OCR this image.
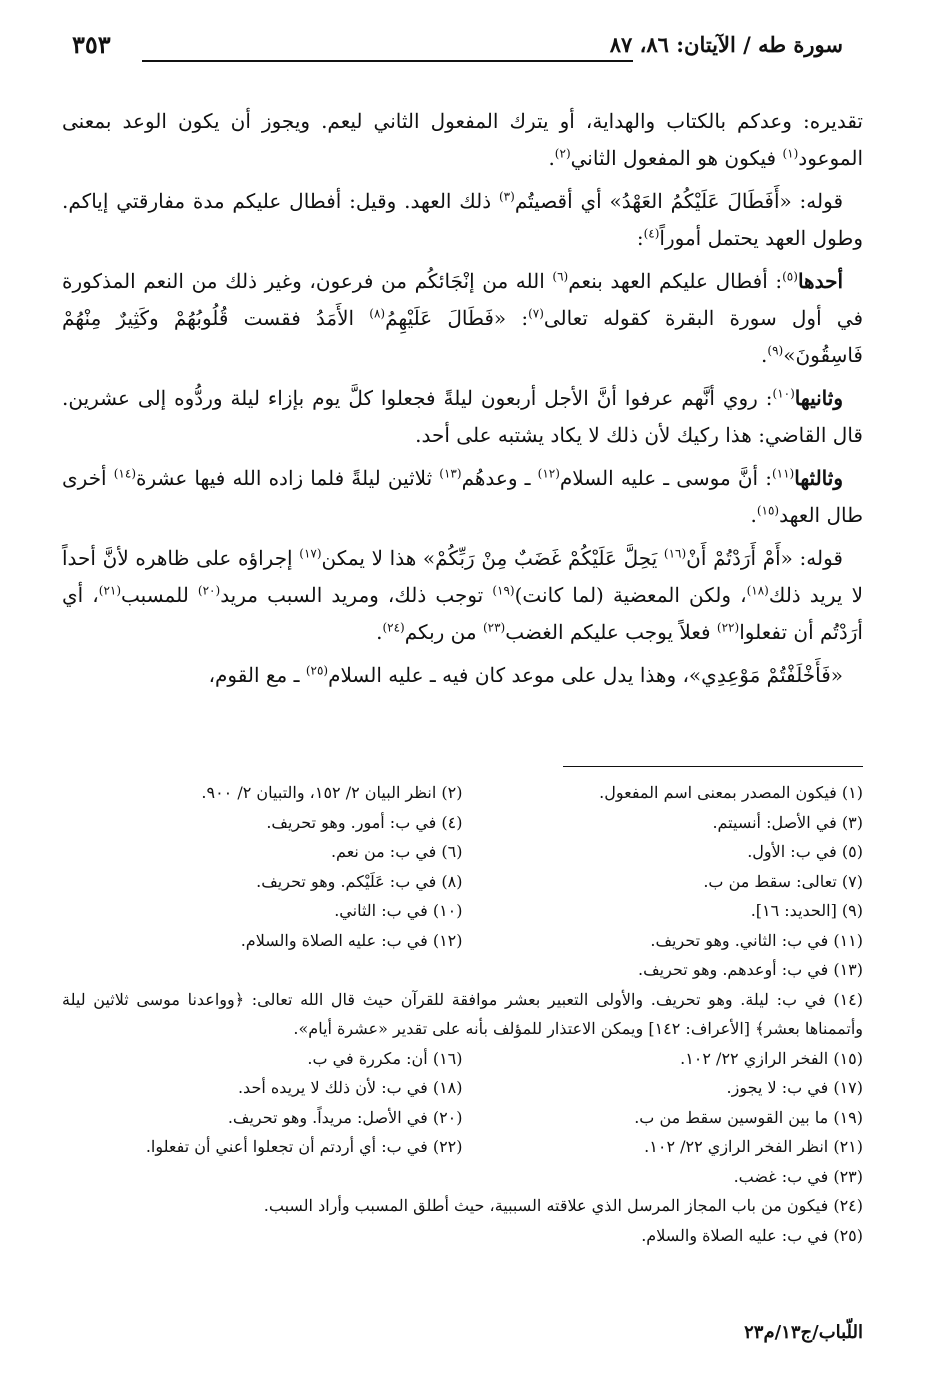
سورة طه / الآيتان: ٨٦، ٨٧
٣٥٣

تقديره: وعدكم بالكتاب والهداية، أو يترك المفعول الثاني ليعم. ويجوز أن يكون الوعد بمعنى الموعود$^{(١)}$ فيكون هو المفعول الثاني$^{(٢)}$.

قوله: «أَفَطَالَ عَلَيْكُمُ العَهْدُ» أي أقصيتُم$^{(٣)}$ ذلك العهد. وقيل: أفطال عليكم مدة مفارقتي إياكم. وطول العهد يحتمل أموراً$^{(٤)}$:

أحدها$^{(٥)}$: أفطال عليكم العهد بنعم$^{(٦)}$ الله من إنْجَائكُم من فرعون، وغير ذلك من النعم المذكورة في أول سورة البقرة كقوله تعالى$^{(٧)}$: «فَطَالَ عَلَيْهِمُ$^{(٨)}$ الأَمَدُ فقست قُلُوبُهُمْ وكَثِيرٌ مِنْهُمْ فَاسِقُونَ»$^{(٩)}$.

وثانيها$^{(١٠)}$: روي أنَّهم عرفوا أنَّ الأجل أربعون ليلةً فجعلوا كلَّ يوم بإزاء ليلة وردُّوه إلى عشرين. قال القاضي: هذا ركيك لأن ذلك لا يكاد يشتبه على أحد.

وثالثها$^{(١١)}$: أنَّ موسى ـ عليه السلام$^{(١٢)}$ ـ وعدهُم$^{(١٣)}$ ثلاثين ليلةً فلما زاده الله فيها عشرة$^{(١٤)}$ أخرى طال العهد$^{(١٥)}$.

قوله: «أَمْ أَرَدْتُمْ أَنْ$^{(١٦)}$ يَحِلَّ عَلَيْكُمْ غَضَبٌ مِنْ رَبِّكُمْ» هذا لا يمكن$^{(١٧)}$ إجراؤه على ظاهره لأنَّ أحداً لا يريد ذلك$^{(١٨)}$، ولكن المعضية (لما كانت)$^{(١٩)}$ توجب ذلك، ومريد السبب مريد$^{(٢٠)}$ للمسبب$^{(٢١)}$، أي أرَدْتُم أن تفعلوا$^{(٢٢)}$ فعلاً يوجب عليكم الغضب$^{(٢٣)}$ من ربكم$^{(٢٤)}$.

«فَأَخْلَفْتُمْ مَوْعِدِي»، وهذا يدل على موعد كان فيه ـ عليه السلام$^{(٢٥)}$ ـ مع القوم،

(١) فيكون المصدر بمعنى اسم المفعول.
(٢) انظر البيان ٢/ ١٥٢، والتبيان ٢/ ٩٠٠.
(٣) في الأصل: أنسيتم.
(٤) في ب: أمور. وهو تحريف.
(٥) في ب: الأول.
(٦) في ب: من نعم.
(٧) تعالى: سقط من ب.
(٨) في ب: عَلَيْكم. وهو تحريف.
(٩) [الحديد: ١٦].
(١٠) في ب: الثاني.
(١١) في ب: الثاني. وهو تحريف.
(١٢) في ب: عليه الصلاة والسلام.
(١٣) في ب: أوعدهم. وهو تحريف.
(١٤) في ب: ليلة. وهو تحريف. والأولى التعبير بعشر موافقة للقرآن حيث قال الله تعالى: ﴿وواعدنا موسى ثلاثين ليلة وأتممناها بعشر﴾ [الأعراف: ١٤٢] ويمكن الاعتذار للمؤلف بأنه على تقدير «عشرة أيام».
(١٥) الفخر الرازي ٢٢/ ١٠٢.
(١٦) أن: مكررة في ب.
(١٧) في ب: لا يجوز.
(١٨) في ب: لأن ذلك لا يريده أحد.
(١٩) ما بين القوسين سقط من ب.
(٢٠) في الأصل: مريداً. وهو تحريف.
(٢١) انظر الفخر الرازي ٢٢/ ١٠٢.
(٢٢) في ب: أي أردتم أن تجعلوا أعني أن تفعلوا.
(٢٣) في ب: غضب.
(٢٤) فيكون من باب المجاز المرسل الذي علاقته السببية، حيث أطلق المسبب وأراد السبب.
(٢٥) في ب: عليه الصلاة والسلام.
اللّباب/ج١٣/م٢٣
